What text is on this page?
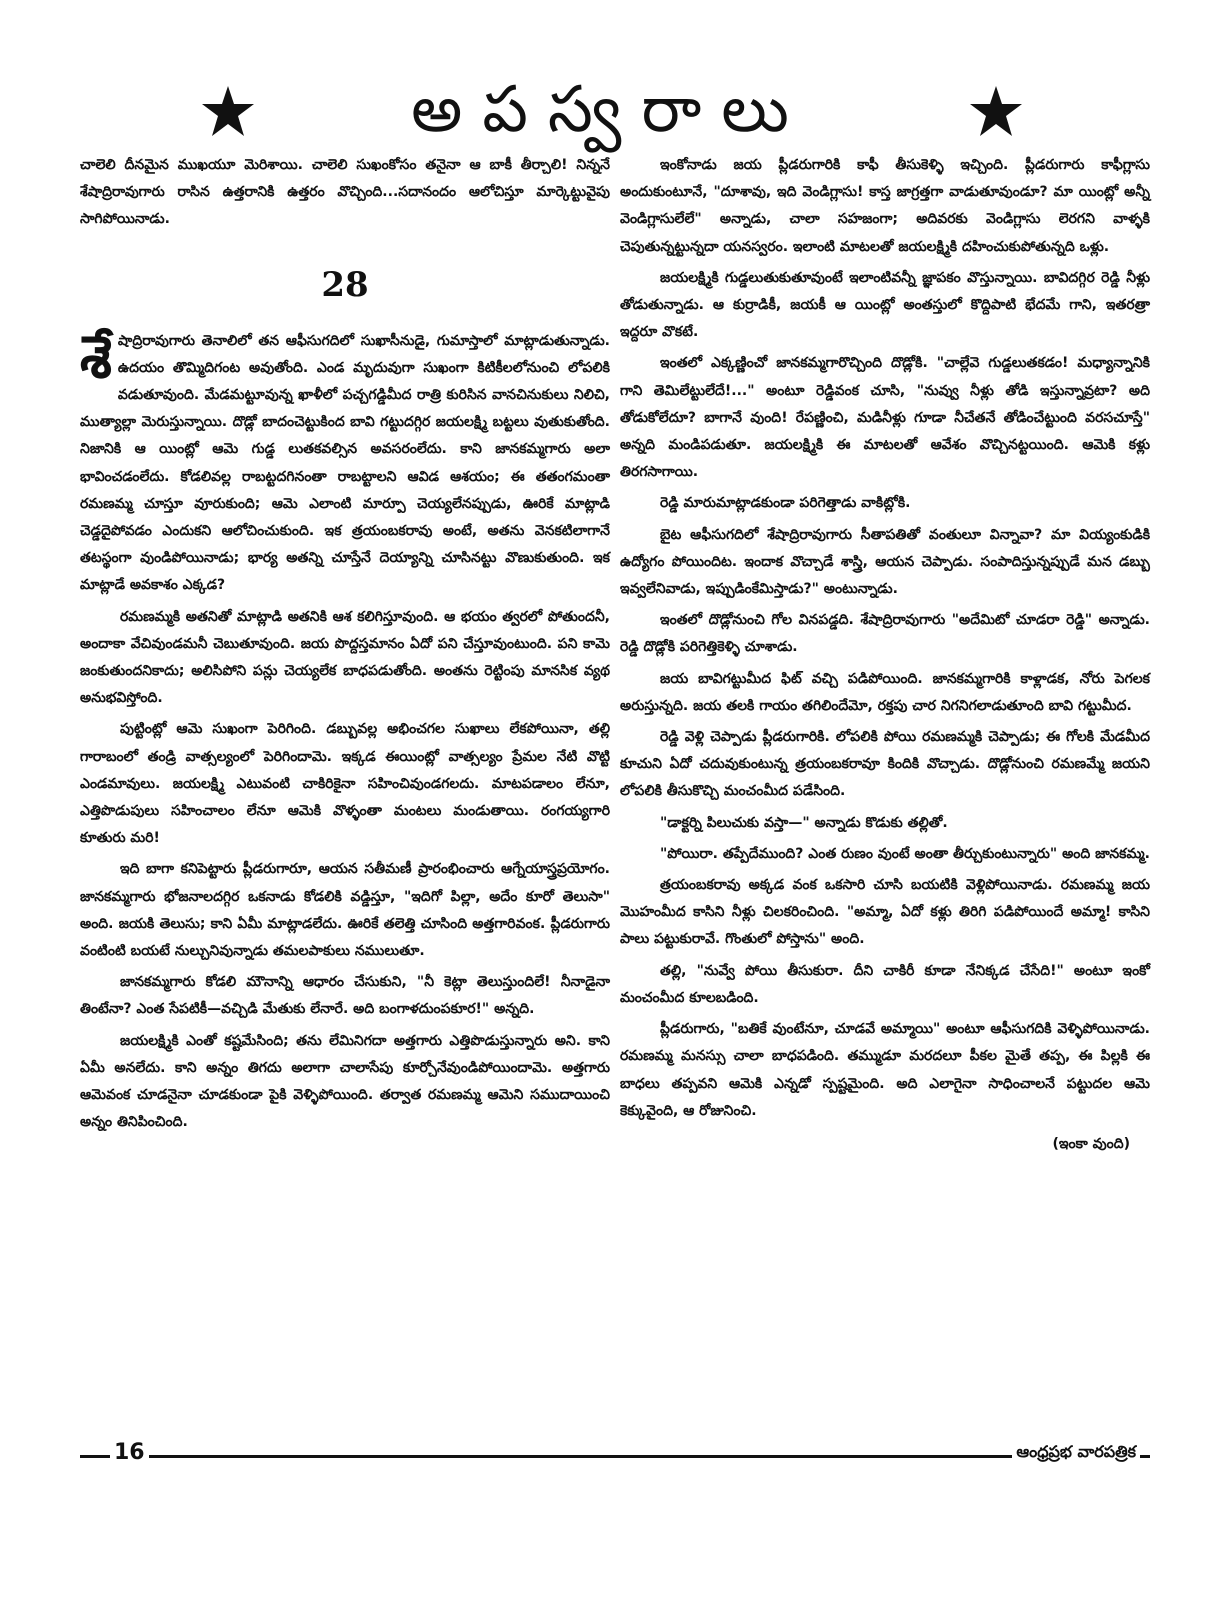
అపస్వరాలు

చాలెలి దీనమైన ముఖయూ మెరిశాయి. చాలెలి సుఖంకోసం తనైనా ఆ బాకీ తీర్చాలి! నిన్ననే శేషాద్రిరావుగారు రాసిన ఉత్తరానికి ఉత్తరం వొచ్చింది...సదానందం ఆలోచిస్తూ మార్కెట్టువైపు సాగిపోయినాడు.

28

శేషాద్రిరావుగారు తెనాలిలో తన ఆఫీసుగదిలో సుఖాసీనుడై, గుమాస్తాలో మాట్లాడుతున్నాడు. ఉదయం తొమ్మిదిగంట అవుతోంది. ఎండ మృదువుగా సుఖంగా కిటికీలలోనుంచి లోపలికి వడుతూవుంది. మేడమట్టూవున్న ఖాళీలో పచ్చగడ్డిమీద రాత్రి కురిసిన వానచినుకులు నిలిచి, ముత్యాల్లా మెరుస్తున్నాయి. దొడ్లో బాదంచెట్టుకింద బావి గట్టుదగ్గిర జయలక్ష్మి బట్టలు వుతుకుతోంది. నిజానికి ఆ యింట్లో ఆమె గుడ్డ లుతకవల్సిన అవసరంలేదు. కాని జానకమ్మగారు అలా భావించడంలేదు. కోడలివల్ల రాబట్టదగినంతా రాబట్టాలని ఆవిడ ఆశయం; ఈ తతంగమంతా రమణమ్మ చూస్తూ వూరుకుంది; ఆమె ఎలాంటి మార్పూ చెయ్యలేనప్పుడు, ఊరికే మాట్లాడి చెడ్డదైపోవడం ఎందుకని ఆలోచించుకుంది. ఇక త్రయంబకరావు అంటే, అతను వెనకటిలాగానే తటస్థంగా వుండిపోయినాడు; భార్య అతన్ని చూస్తేనే దెయ్యాన్ని చూసినట్టు వొణుకుతుంది. ఇక మాట్లాడే అవకాశం ఎక్కడ?

రమణమ్మకి అతనితో మాట్లాడి అతనికి ఆశ కలిగిస్తూవుంది. ఆ భయం త్వరలో పోతుందనీ, అందాకా వేచివుండమనీ చెబుతూవుంది. జయ పొద్దస్తమానం ఏదో పని చేస్తూవుంటుంది. పని కామె జంకుతుందనికాదు; అలిసిపోని పన్లు చెయ్యలేక బాధపడుతోంది. అంతను రెట్టింపు మానసిక వ్యథ అనుభవిస్తోంది.

పుట్టింట్లో ఆమె సుఖంగా పెరిగింది. డబ్బువల్ల అభించగల సుఖాలు లేకపోయినా, తల్లి గారాబంలో తండ్రి వాత్సల్యంలో పెరిగిందామె. ఇక్కడ ఈయింట్లో వాత్సల్యం ప్రేమల నేటి వొట్టి ఎండమావులు. జయలక్ష్మి ఎటువంటి చాకిరికైనా సహించివుండగలదు. మాటపడాలం లేనూ, ఎత్తిపొడుపులు సహించాలం లేనూ ఆమెకి వొళ్ళంతా మంటలు మండుతాయి. రంగయ్యగారి కూతురు మరి!

ఇది బాగా కనిపెట్టారు ప్లీడరుగారూ, ఆయన సతీమణీ ప్రారంభించారు ఆగ్నేయాస్త్రప్రయోగం. జానకమ్మగారు భోజనాలదగ్గిర ఒకనాడు కోడలికి వడ్డిస్తూ, "ఇదిగో పిల్లా, అదేం కూరో తెలుసా" అంది. జయకి తెలుసు; కాని ఏమీ మాట్లాడలేదు. ఊరికే తలెత్తి చూసింది అత్తగారివంక. ప్లీడరుగారు వంటింటి బయటే నుల్చునివున్నాడు తమలపాకులు నములుతూ.

జానకమ్మగారు కోడలి మౌనాన్ని ఆధారం చేసుకుని, "నీ కెట్లా తెలుస్తుందిలే! నీనాడైనా తింటేనా? ఎంత సేపటికీ—వచ్చిడి మేతుకు లేనారే. అది బంగాళదుంపకూర!" అన్నది.

జయలక్ష్మికి ఎంతో కష్టమేసింది; తను లేమినిగదా అత్తగారు ఎత్తిపొడుస్తున్నారు అని. కాని ఏమీ అనలేదు. కాని అన్నం తిగదు అలాగా చాలాసేపు కూర్చోనేవుండిపోయిందామె. అత్తగారు ఆమెవంక చూడనైనా చూడకుండా పైకి వెళ్ళిపోయింది. తర్వాత రమణమ్మ ఆమెని సముదాయించి అన్నం తినిపించింది.

ఇంకోనాడు జయ ప్లీడరుగారికి కాఫీ తీసుకెళ్ళి ఇచ్చింది. ప్లీడరుగారు కాఫీగ్లాసు అందుకుంటూనే, "దూశావు, ఇది వెండిగ్లాసు! కాస్త జాగ్రత్తగా వాడుతూవుండూ? మా యింట్లో అన్నీ వెండిగ్లాసులేలే" అన్నాడు, చాలా సహజంగా; అదివరకు వెండిగ్లాసు లెరగని వాళ్ళకి చెపుతున్నట్టున్నదా యనస్వరం. ఇలాంటి మాటలతో జయలక్ష్మికి దహించుకుపోతున్నది ఒళ్లు.

జయలక్ష్మికి గుడ్డలుతుకుతూవుంటే ఇలాంటివన్నీ జ్ఞాపకం వొస్తున్నాయి. బావిదగ్గిర రెడ్డి నీళ్లు తోడుతున్నాడు. ఆ కుర్రాడికీ, జయకీ ఆ యింట్లో అంతస్తులో కొద్దిపాటి భేదమే గాని, ఇతరత్రా ఇద్దరూ వొకటే.

ఇంతలో ఎక్కణ్ణించో జానకమ్మగారొచ్చింది దొడ్లోకి. "చాల్లేవె గుడ్డలుతకడం! మధ్యాన్నానికి గాని తెమిలేట్టులేదే!..." అంటూ రెడ్డివంక చూసి, "నువ్వు నీళ్లు తోడి ఇస్తున్నావ్రటా? అది తోడుకోలేదూ? బాగానే వుంది! రేపణ్ణించి, మడినీళ్లు గూడా నీచేతనే తోడించేట్టుంది వరసచూస్తే" అన్నది మండిపడుతూ. జయలక్ష్మికి ఈ మాటలతో ఆవేశం వొచ్చినట్టయింది. ఆమెకి కళ్లు తిరగసాగాయి.

రెడ్డి మారుమాట్లాడకుండా పరిగెత్తాడు వాకిట్లోకి.

బైట ఆఫీసుగదిలో శేషాద్రిరావుగారు సీతాపతితో వంతులూ విన్నావా? మా వియ్యంకుడికి ఉద్యోగం పోయిందిట. ఇందాక వొచ్చాడే శాస్త్రి, ఆయన చెప్పాడు. సంపాదిస్తున్నప్పుడే మన డబ్బు ఇవ్వలేనివాడు, ఇప్పుడింకేమిస్తాడు?" అంటున్నాడు.

ఇంతలో దొడ్లోనుంచి గోల వినపడ్డది. శేషాద్రిరావుగారు "అదేమిటో చూడరా రెడ్డి" అన్నాడు. రెడ్డి దొడ్లోకి పరిగెత్తికెళ్ళి చూశాడు.

జయ బావిగట్టుమీద ఫిట్ వచ్చి పడిపోయింది. జానకమ్మగారికి కాళ్లాడక, నోరు పెగలక అరుస్తున్నది. జయ తలకి గాయం తగిలిందేమో, రక్తపు చార నిగనిగలాడుతూంది బావి గట్టుమీద.

రెడ్డి వెళ్లి చెప్పాడు ప్లీడరుగారికి. లోపలికి పోయి రమణమ్మకి చెప్పాడు; ఈ గోలకి మేడమీద కూచుని ఏదో చదువుకుంటున్న త్రయంబకరావూ కిందికి వొచ్చాడు. దొడ్లోనుంచి రమణమ్మే జయని లోపలికి తీసుకొచ్చి మంచంమీద పడేసింది.

"డాక్టర్ని పిలుచుకు వస్తా—" అన్నాడు కొడుకు తల్లితో.

"పోయిరా. తప్పేదేముంది? ఎంత రుణం వుంటే అంతా తీర్చుకుంటున్నారు" అంది జానకమ్మ.

త్రయంబకరావు అక్కడ వంక ఒకసారి చూసి బయటికి వెళ్లిపోయినాడు. రమణమ్మ జయ మొహంమీద కాసిని నీళ్లు చిలకరించింది. "అమ్మా, ఏదో కళ్లు తిరిగి పడిపోయిందే అమ్మా! కాసిని పాలు పట్టుకురావే. గొంతులో పోస్తాను" అంది.

తల్లి, "నువ్వే పోయి తీసుకురా. దీని చాకిరీ కూడా నేనిక్కడ చేసేది!" అంటూ ఇంకో మంచంమీద కూలబడింది.

ప్లీడరుగారు, "బతికే వుంటేనూ, చూడవే అమ్మాయి" అంటూ ఆఫీసుగదికి వెళ్ళిపోయినాడు. రమణమ్మ మనస్సు చాలా బాధపడింది. తమ్ముడూ మరదలూ పీకల మైతే తప్ప, ఈ పిల్లకి ఈ బాధలు తప్పవని ఆమెకి ఎన్నడో స్పష్టమైంది. అది ఎలాగైనా సాధించాలనే పట్టుదల ఆమె కెక్కువైంది, ఆ రోజునించి.

(ఇంకా వుంది)
16	ఆంధ్రప్రభ వారపత్రిక
